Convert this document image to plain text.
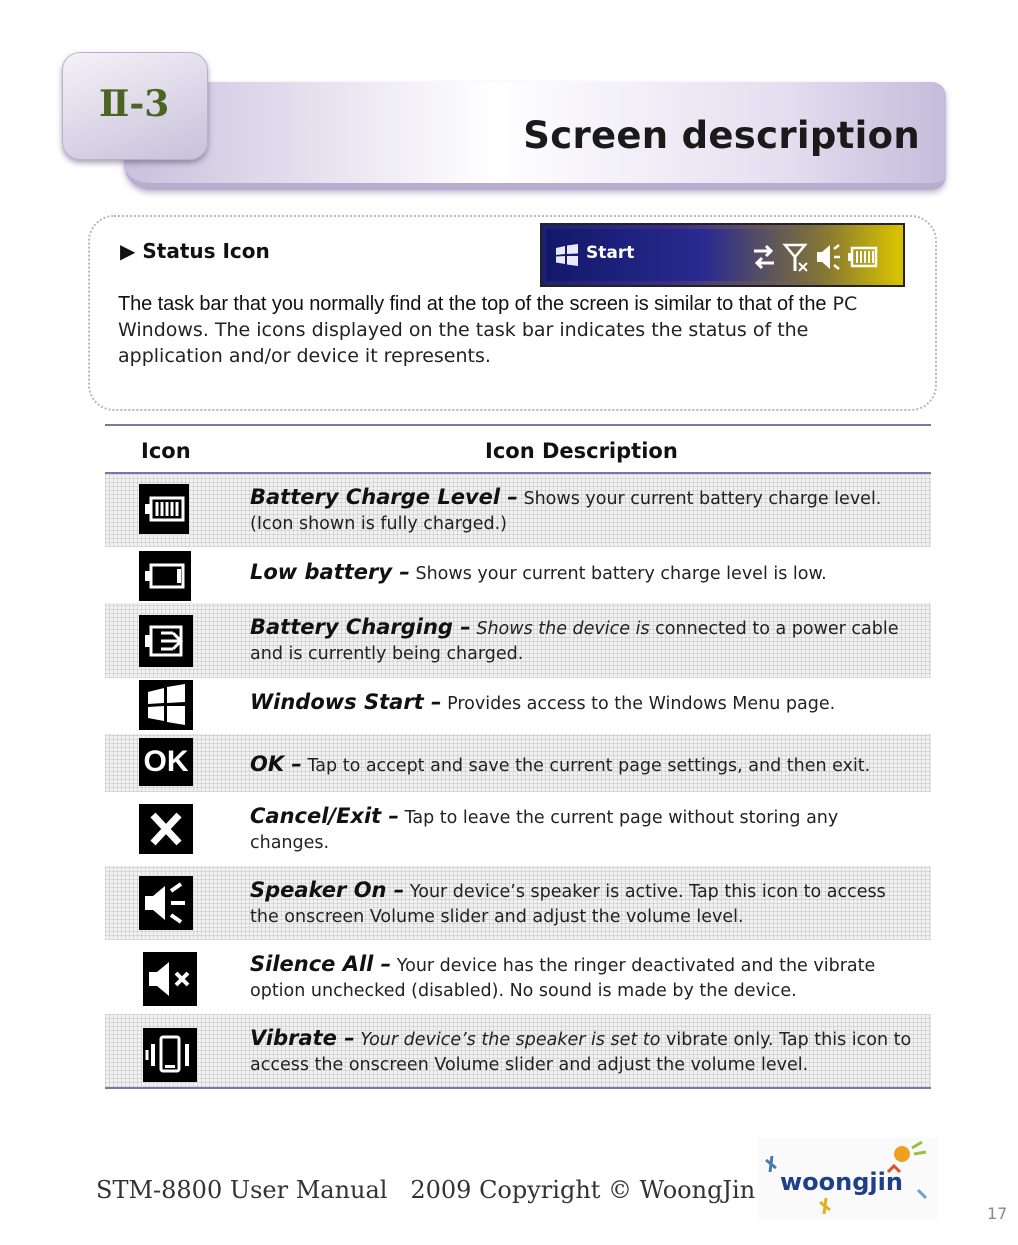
Screen description
Ⅱ-3
▶ Status Icon	Start
The task bar that you normally find at the top of the screen is similar to that of the PC Windows. The icons displayed on the task bar indicates the status of the application and/or device it represents.
Icon	Icon Description
Battery Charge Level – Shows your current battery charge level. (Icon shown is fully charged.)
Low battery – Shows your current battery charge level is low.
Battery Charging – Shows the device is connected to a power cable and is currently being charged.
Windows Start – Provides access to the Windows Menu page.
OK	OK – Tap to accept and save the current page settings, and then exit.
Cancel/Exit – Tap to leave the current page without storing any changes.
Speaker On – Your device’s speaker is active. Tap this icon to access the onscreen Volume slider and adjust the volume level.
Silence All – Your device has the ringer deactivated and the vibrate option unchecked (disabled). No sound is made by the device.
Vibrate – Your device’s the speaker is set to vibrate only. Tap this icon to access the onscreen Volume slider and adjust the volume level.
STM-8800 User Manual 2009 Copyright © WoongJin woongjin
17
